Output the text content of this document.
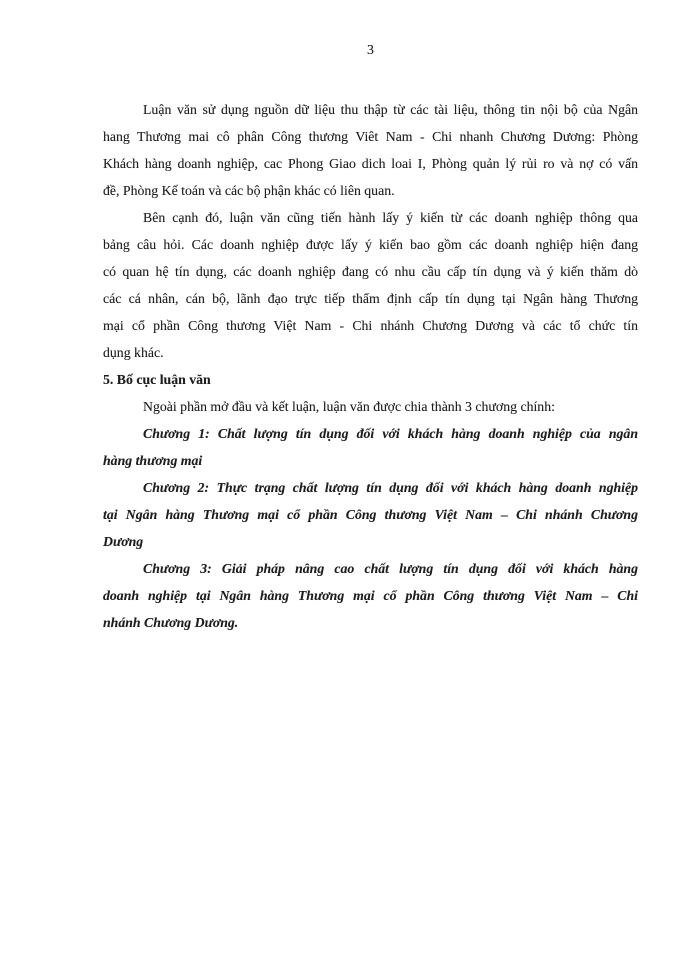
3
Luận văn sử dụng nguồn dữ liệu thu thập từ các tài liệu, thông tin nội bộ của Ngân
hang Thương mai cô phân Công thương Viêt Nam - Chi nhanh Chương Dương: Phòng
Khách hàng doanh nghiệp, cac Phong Giao dich loai I, Phòng quản lý rủi ro và nợ có vấn
đề, Phòng Kế toán và các bộ phận khác có liên quan.
Bên cạnh đó, luận văn cũng tiến hành lấy ý kiến từ các doanh nghiệp thông qua
bảng câu hỏi. Các doanh nghiệp được lấy ý kiến bao gồm các doanh nghiệp hiện đang
có quan hệ tín dụng, các doanh nghiệp đang có nhu cầu cấp tín dụng và ý kiến thăm dò
các cá nhân, cán bộ, lãnh đạo trực tiếp thẩm định cấp tín dụng tại Ngân hàng Thương
mại cổ phần Công thương Việt Nam - Chi nhánh Chương Dương và các tổ chức tín
dụng khác.
5. Bố cục luận văn
Ngoài phần mở đầu và kết luận, luận văn được chia thành 3 chương chính:
Chương 1: Chất lượng tín dụng đối với khách hàng doanh nghiệp của ngân
hàng thương mại
Chương 2: Thực trạng chất lượng tín dụng đối với khách hàng doanh nghiệp
tại Ngân hàng Thương mại cổ phần Công thương Việt Nam – Chi nhánh Chương
Dương
Chương 3: Giải pháp nâng cao chất lượng tín dụng đối với khách hàng
doanh nghiệp tại Ngân hàng Thương mại cổ phần Công thương Việt Nam – Chi
nhánh Chương Dương.
